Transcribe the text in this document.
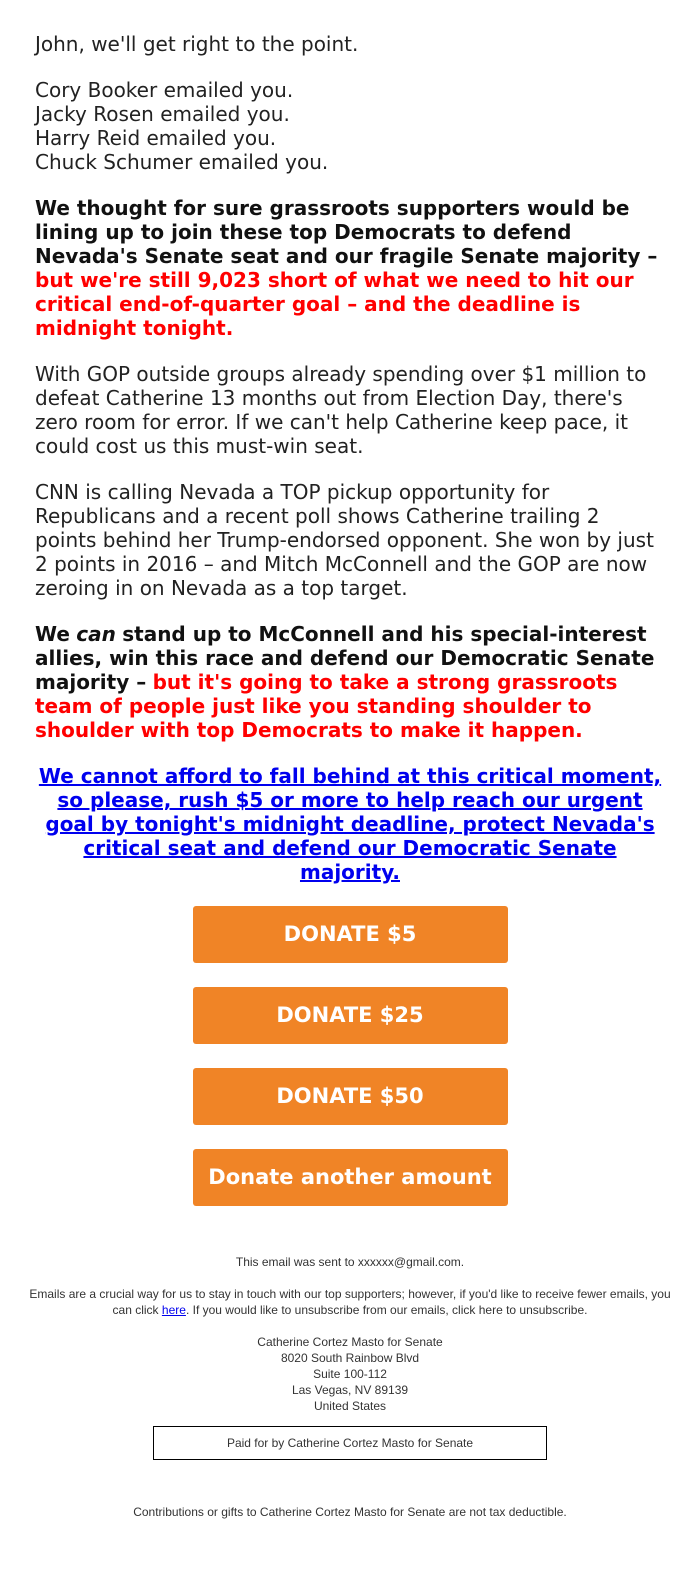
John, we'll get right to the point.

Cory Booker emailed you.
Jacky Rosen emailed you.
Harry Reid emailed you.
Chuck Schumer emailed you.

We thought for sure grassroots supporters would be lining up to join these top Democrats to defend Nevada's Senate seat and our fragile Senate majority – but we're still 9,023 short of what we need to hit our critical end-of-quarter goal – and the deadline is midnight tonight.

With GOP outside groups already spending over $1 million to defeat Catherine 13 months out from Election Day, there's zero room for error. If we can't help Catherine keep pace, it could cost us this must-win seat.

CNN is calling Nevada a TOP pickup opportunity for Republicans and a recent poll shows Catherine trailing 2 points behind her Trump-endorsed opponent. She won by just 2 points in 2016 – and Mitch McConnell and the GOP are now zeroing in on Nevada as a top target.

We can stand up to McConnell and his special-interest allies, win this race and defend our Democratic Senate majority – but it's going to take a strong grassroots team of people just like you standing shoulder to shoulder with top Democrats to make it happen.

We cannot afford to fall behind at this critical moment, so please, rush $5 or more to help reach our urgent goal by tonight's midnight deadline, protect Nevada's critical seat and defend our Democratic Senate majority.

DONATE $5
DONATE $25
DONATE $50
Donate another amount

This email was sent to xxxxxx@gmail.com.

Emails are a crucial way for us to stay in touch with our top supporters; however, if you'd like to receive fewer emails, you can click here. If you would like to unsubscribe from our emails, click here to unsubscribe.

Catherine Cortez Masto for Senate
8020 South Rainbow Blvd
Suite 100-112
Las Vegas, NV 89139
United States
Paid for by Catherine Cortez Masto for Senate

Contributions or gifts to Catherine Cortez Masto for Senate are not tax deductible.
